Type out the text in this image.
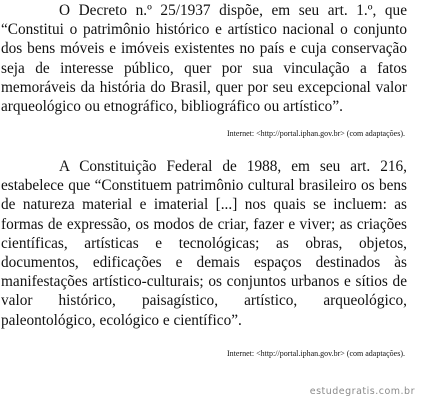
O Decreto n.º 25/1937 dispõe, em seu art. 1.º, que “Constitui o patrimônio histórico e artístico nacional o conjunto dos bens móveis e imóveis existentes no país e cuja conservação seja de interesse público, quer por sua vinculação a fatos memoráveis da história do Brasil, quer por seu excepcional valor arqueológico ou etnográfico, bibliográfico ou artístico”.

Internet: <http://portal.iphan.gov.br> (com adaptações).

A Constituição Federal de 1988, em seu art. 216, estabelece que “Constituem patrimônio cultural brasileiro os bens de natureza material e imaterial [...] nos quais se incluem: as formas de expressão, os modos de criar, fazer e viver; as criações científicas, artísticas e tecnológicas; as obras, objetos, documentos, edificações e demais espaços destinados às manifestações artístico-culturais; os conjuntos urbanos e sítios de valor histórico, paisagístico, artístico, arqueológico, paleontológico, ecológico e científico”.

Internet: <http://portal.iphan.gov.br> (com adaptações).
estudegratis.com.br
